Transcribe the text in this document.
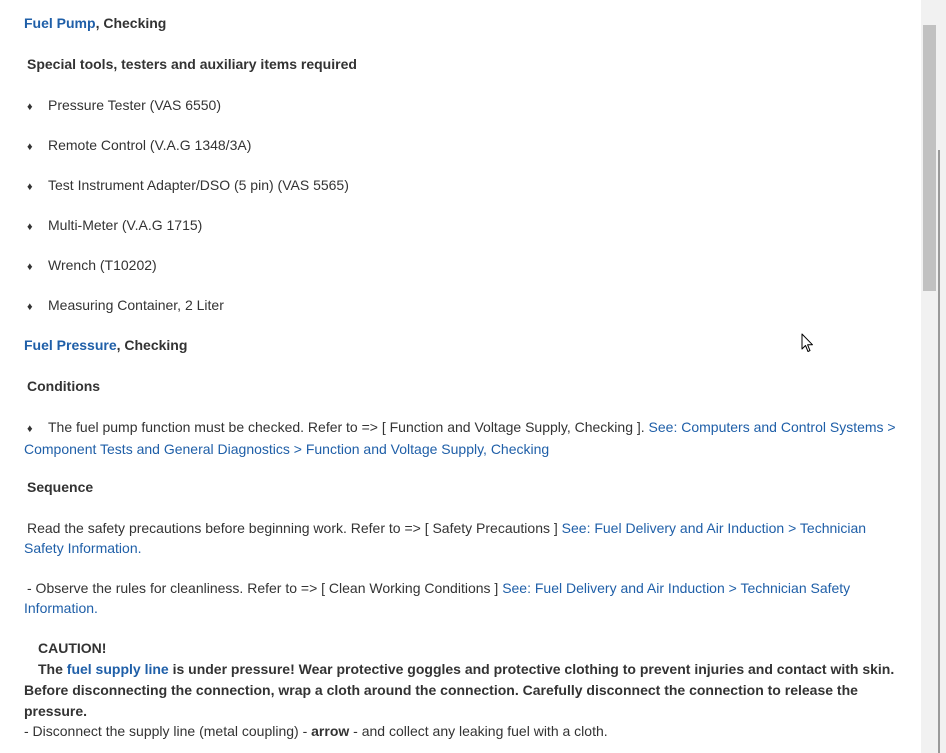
Fuel Pump, Checking
Special tools, testers and auxiliary items required
♦ Pressure Tester (VAS 6550)
♦ Remote Control (V.A.G 1348/3A)
♦ Test Instrument Adapter/DSO (5 pin) (VAS 5565)
♦ Multi-Meter (V.A.G 1715)
♦ Wrench (T10202)
♦ Measuring Container, 2 Liter
Fuel Pressure, Checking
Conditions
♦ The fuel pump function must be checked. Refer to => [ Function and Voltage Supply, Checking ]. See: Computers and Control Systems > Component Tests and General Diagnostics > Function and Voltage Supply, Checking
Sequence
Read the safety precautions before beginning work. Refer to => [ Safety Precautions ] See: Fuel Delivery and Air Induction > Technician Safety Information.
- Observe the rules for cleanliness. Refer to => [ Clean Working Conditions ] See: Fuel Delivery and Air Induction > Technician Safety Information.
CAUTION!
The fuel supply line is under pressure! Wear protective goggles and protective clothing to prevent injuries and contact with skin. Before disconnecting the connection, wrap a cloth around the connection. Carefully disconnect the connection to release the pressure.
- Disconnect the supply line (metal coupling) - arrow - and collect any leaking fuel with a cloth.
